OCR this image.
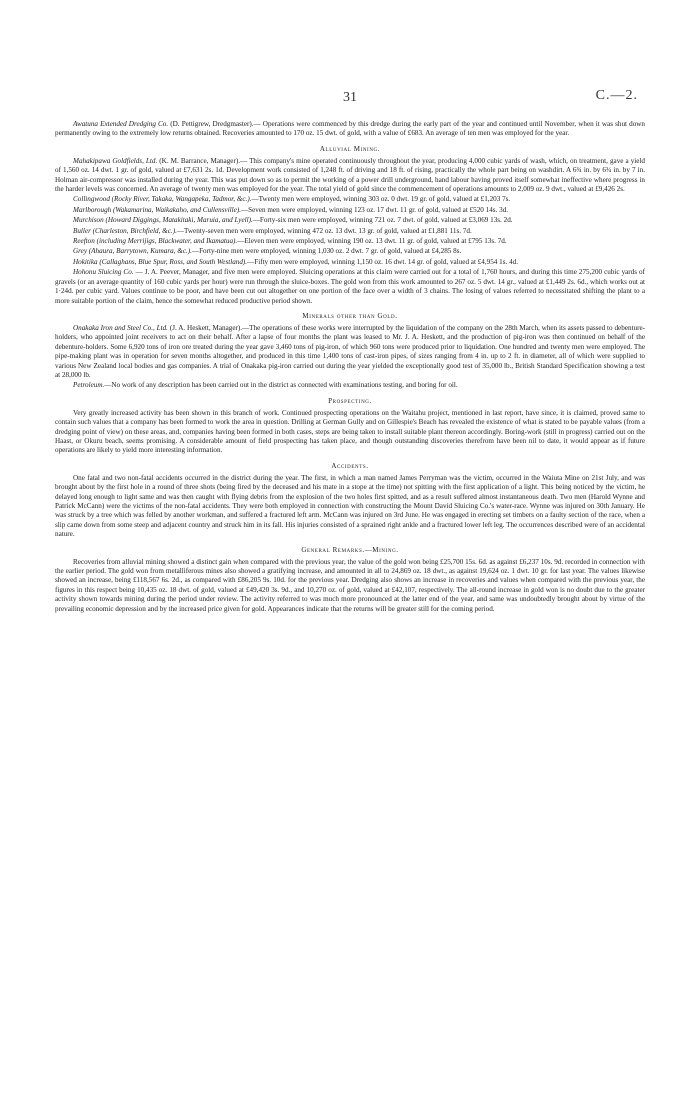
31	C.—2.

Awatuna Extended Dredging Co. (D. Pettigrew, Dredgmaster).— Operations were commenced by this dredge during the early part of the year and continued until November, when it was shut down permanently owing to the extremely low returns obtained. Recoveries amounted to 170 oz. 15 dwt. of gold, with a value of £683. An average of ten men was employed for the year.

Alluvial Mining.

Mahakipawa Goldfields, Ltd. (K. M. Barrance, Manager).— This company's mine operated continuously throughout the year, producing 4,000 cubic yards of wash, which, on treatment, gave a yield of 1,560 oz. 14 dwt. 1 gr. of gold, valued at £7,631 2s. 1d. Development work consisted of 1,248 ft. of driving and 18 ft. of rising, practically the whole part being on washdirt. A 6¾ in. by 6¾ in. by 7 in. Holman air-compressor was installed during the year. This was put down so as to permit the working of a power drill underground, hand labour having proved itself somewhat ineffective where progress in the harder levels was concerned. An average of twenty men was employed for the year. The total yield of gold since the commencement of operations amounts to 2,009 oz. 9 dwt., valued at £9,426 2s.

Collingwood (Rocky River, Takaka, Wangapeka, Tadmor, &c.).—Twenty men were employed, winning 303 oz. 0 dwt. 19 gr. of gold, valued at £1,203 7s.

Marlborough (Wakamarina, Waikakaho, and Cullensville).—Seven men were employed, winning 123 oz. 17 dwt. 11 gr. of gold, valued at £520 14s. 3d.

Murchison (Howard Diggings, Matakitaki, Maruia, and Lyell).—Forty-six men were employed, winning 721 oz. 7 dwt. of gold, valued at £3,069 13s. 2d.

Buller (Charleston, Birchfield, &c.).—Twenty-seven men were employed, winning 472 oz. 13 dwt. 13 gr. of gold, valued at £1,881 11s. 7d.

Reefton (including Merrijigs, Blackwater, and Ikamatua).—Eleven men were employed, winning 190 oz. 13 dwt. 11 gr. of gold, valued at £795 13s. 7d.

Grey (Ahaura, Barrytown, Kumara, &c.).—Forty-nine men were employed, winning 1,030 oz. 2 dwt. 7 gr. of gold, valued at £4,285 8s.

Hokitika (Callaghans, Blue Spur, Ross, and South Westland).—Fifty men were employed, winning 1,150 oz. 16 dwt. 14 gr. of gold, valued at £4,954 1s. 4d.

Hohonu Sluicing Co. — J. A. Peever, Manager, and five men were employed. Sluicing operations at this claim were carried out for a total of 1,760 hours, and during this time 275,200 cubic yards of gravels (or an average quantity of 160 cubic yards per hour) were run through the sluice-boxes. The gold won from this work amounted to 267 oz. 5 dwt. 14 gr., valued at £1,449 2s. 6d., which works out at 1·24d. per cubic yard. Values continue to be poor, and have been cut out altogether on one portion of the face over a width of 3 chains. The losing of values referred to necessitated shifting the plant to a more suitable portion of the claim, hence the somewhat reduced productive period shown.

Minerals other than Gold.

Onakaka Iron and Steel Co., Ltd. (J. A. Heskett, Manager).—The operations of these works were interrupted by the liquidation of the company on the 28th March, when its assets passed to debenture-holders, who appointed joint receivers to act on their behalf. After a lapse of four months the plant was leased to Mr. J. A. Heskett, and the production of pig-iron was then continued on behalf of the debenture-holders. Some 6,920 tons of iron ore treated during the year gave 3,460 tons of pig-iron, of which 960 tons were produced prior to liquidation. One hundred and twenty men were employed. The pipe-making plant was in operation for seven months altogether, and produced in this time 1,400 tons of cast-iron pipes, of sizes ranging from 4 in. up to 2 ft. in diameter, all of which were supplied to various New Zealand local bodies and gas companies. A trial of Onakaka pig-iron carried out during the year yielded the exceptionally good test of 35,000 lb., British Standard Specification showing a test at 28,000 lb.

Petroleum.—No work of any description has been carried out in the district as connected with examinations testing, and boring for oil.

Prospecting.

Very greatly increased activity has been shown in this branch of work. Continued prospecting operations on the Waitahu project, mentioned in last report, have since, it is claimed, proved same to contain such values that a company has been formed to work the area in question. Drilling at German Gully and on Gillespie's Beach has revealed the existence of what is stated to be payable values (from a dredging point of view) on these areas, and, companies having been formed in both cases, steps are being taken to install suitable plant thereon accordingly. Boring-work (still in progress) carried out on the Haast, or Okuru beach, seems promising. A considerable amount of field prospecting has taken place, and though outstanding discoveries therefrom have been nil to date, it would appear as if future operations are likely to yield more interesting information.

Accidents.

One fatal and two non-fatal accidents occurred in the district during the year. The first, in which a man named James Perryman was the victim, occurred in the Waiuta Mine on 21st July, and was brought about by the first hole in a round of three shots (being fired by the deceased and his mate in a stope at the time) not spitting with the first application of a light. This being noticed by the victim, he delayed long enough to light same and was then caught with flying debris from the explosion of the two holes first spitted, and as a result suffered almost instantaneous death. Two men (Harold Wynne and Patrick McCann) were the victims of the non-fatal accidents. They were both employed in connection with constructing the Mount David Sluicing Co.'s water-race. Wynne was injured on 30th January. He was struck by a tree which was felled by another workman, and suffered a fractured left arm. McCann was injured on 3rd June. He was engaged in erecting set timbers on a faulty section of the race, when a slip came down from some steep and adjacent country and struck him in its fall. His injuries consisted of a sprained right ankle and a fractured lower left leg. The occurrences described were of an accidental nature.

General Remarks.—Mining.

Recoveries from alluvial mining showed a distinct gain when compared with the previous year, the value of the gold won being £25,700 15s. 6d. as against £6,237 10s. 9d. recorded in connection with the earlier period. The gold won from metalliferous mines also showed a gratifying increase, and amounted in all to 24,869 oz. 18 dwt., as against 19,624 oz. 1 dwt. 10 gr. for last year. The values likewise showed an increase, being £118,567 6s. 2d., as compared with £86,205 9s. 10d. for the previous year. Dredging also shows an increase in recoveries and values when compared with the previous year, the figures in this respect being 10,435 oz. 18 dwt. of gold, valued at £49,420 3s. 9d., and 10,270 oz. of gold, valued at £42,107, respectively. The all-round increase in gold won is no doubt due to the greater activity shown towards mining during the period under review. The activity referred to was much more pronounced at the latter end of the year, and same was undoubtedly brought about by virtue of the prevailing economic depression and by the increased price given for gold. Appearances indicate that the returns will be greater still for the coming period.
